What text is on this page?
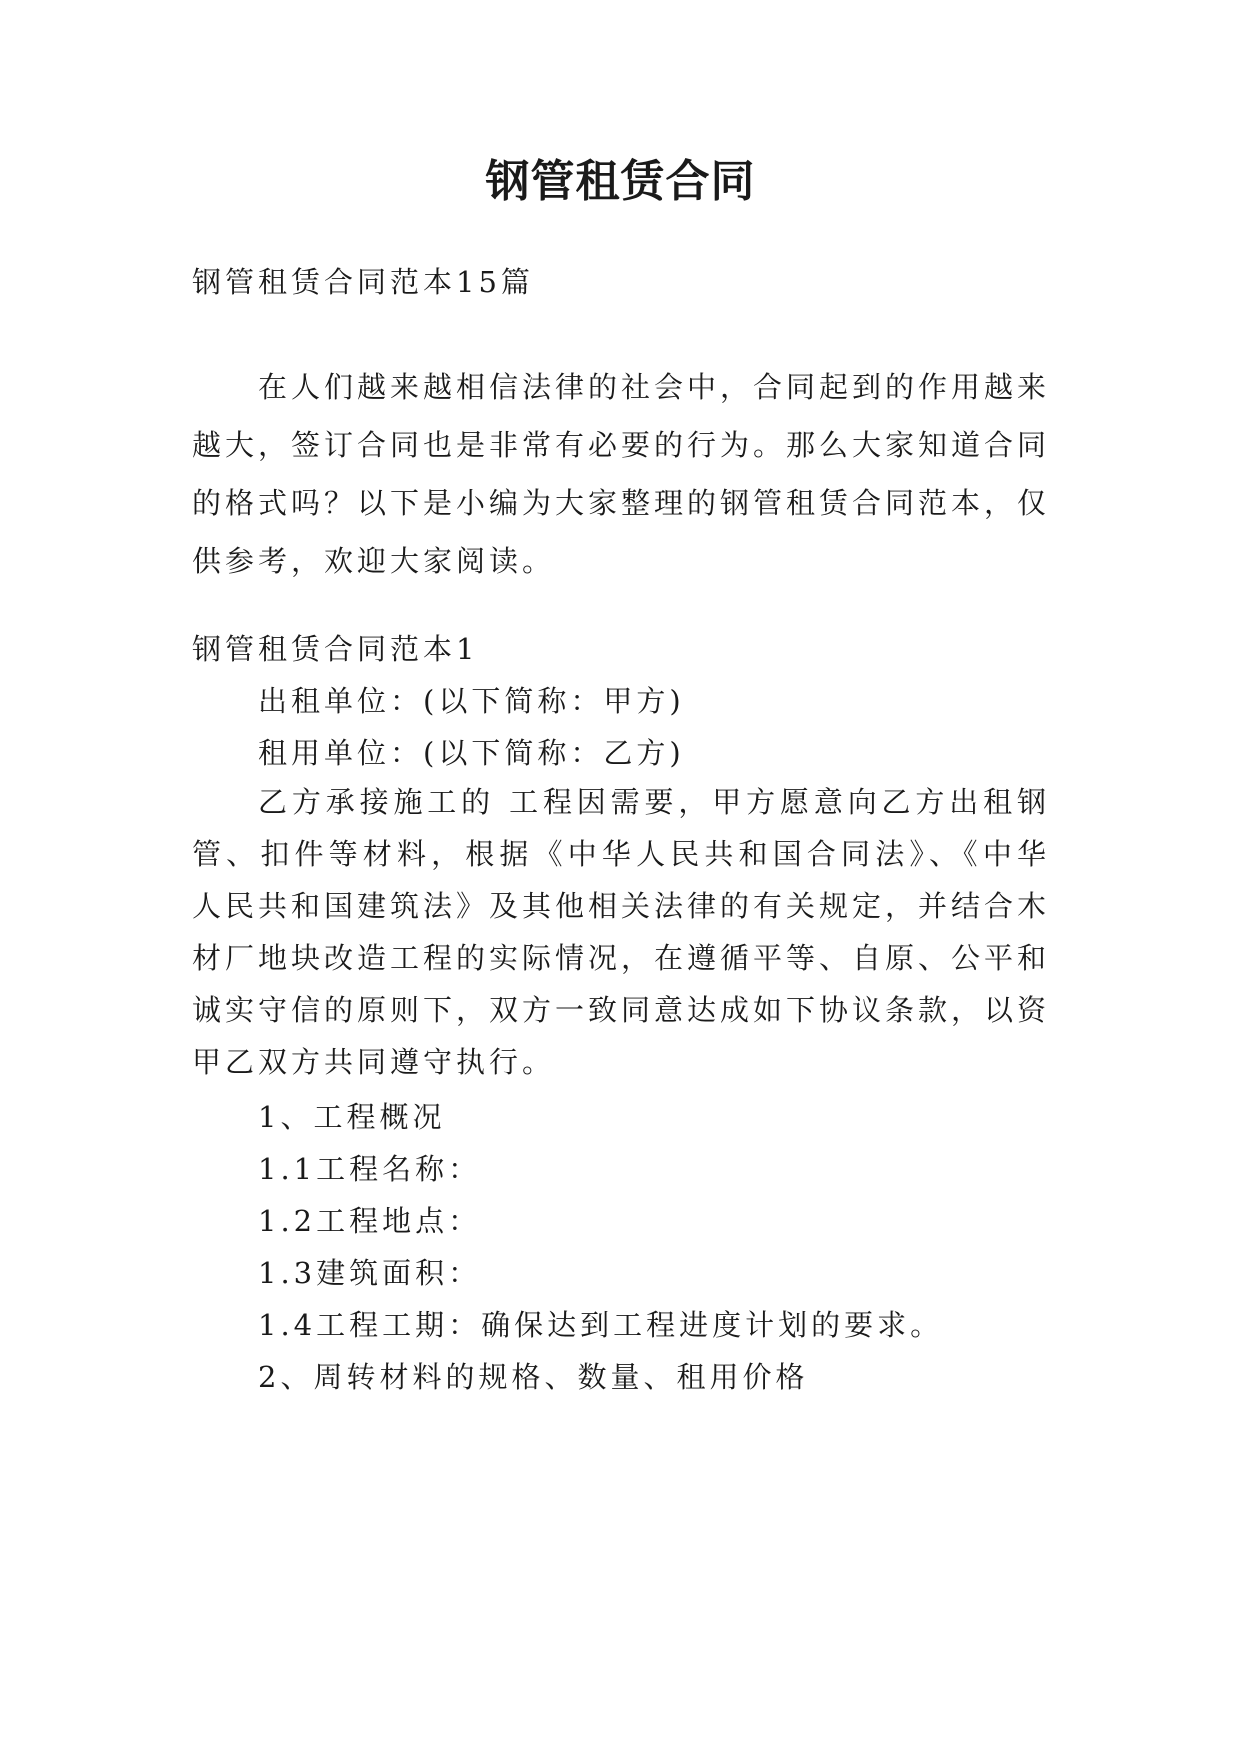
钢管租赁合同

钢管租赁合同范本15篇

在人们越来越相信法律的社会中，合同起到的作用越来越大，签订合同也是非常有必要的行为。那么大家知道合同的格式吗？以下是小编为大家整理的钢管租赁合同范本，仅供参考，欢迎大家阅读。

钢管租赁合同范本1

出租单位：(以下简称：甲方)

租用单位：(以下简称：乙方)

乙方承接施工的 工程因需要，甲方愿意向乙方出租钢管、扣件等材料，根据《中华人民共和国合同法》、《中华人民共和国建筑法》及其他相关法律的有关规定，并结合木材厂地块改造工程的实际情况，在遵循平等、自原、公平和诚实守信的原则下，双方一致同意达成如下协议条款，以资甲乙双方共同遵守执行。

1、工程概况

1.1工程名称：

1.2工程地点：

1.3建筑面积：

1.4工程工期：确保达到工程进度计划的要求。

2、周转材料的规格、数量、租用价格
